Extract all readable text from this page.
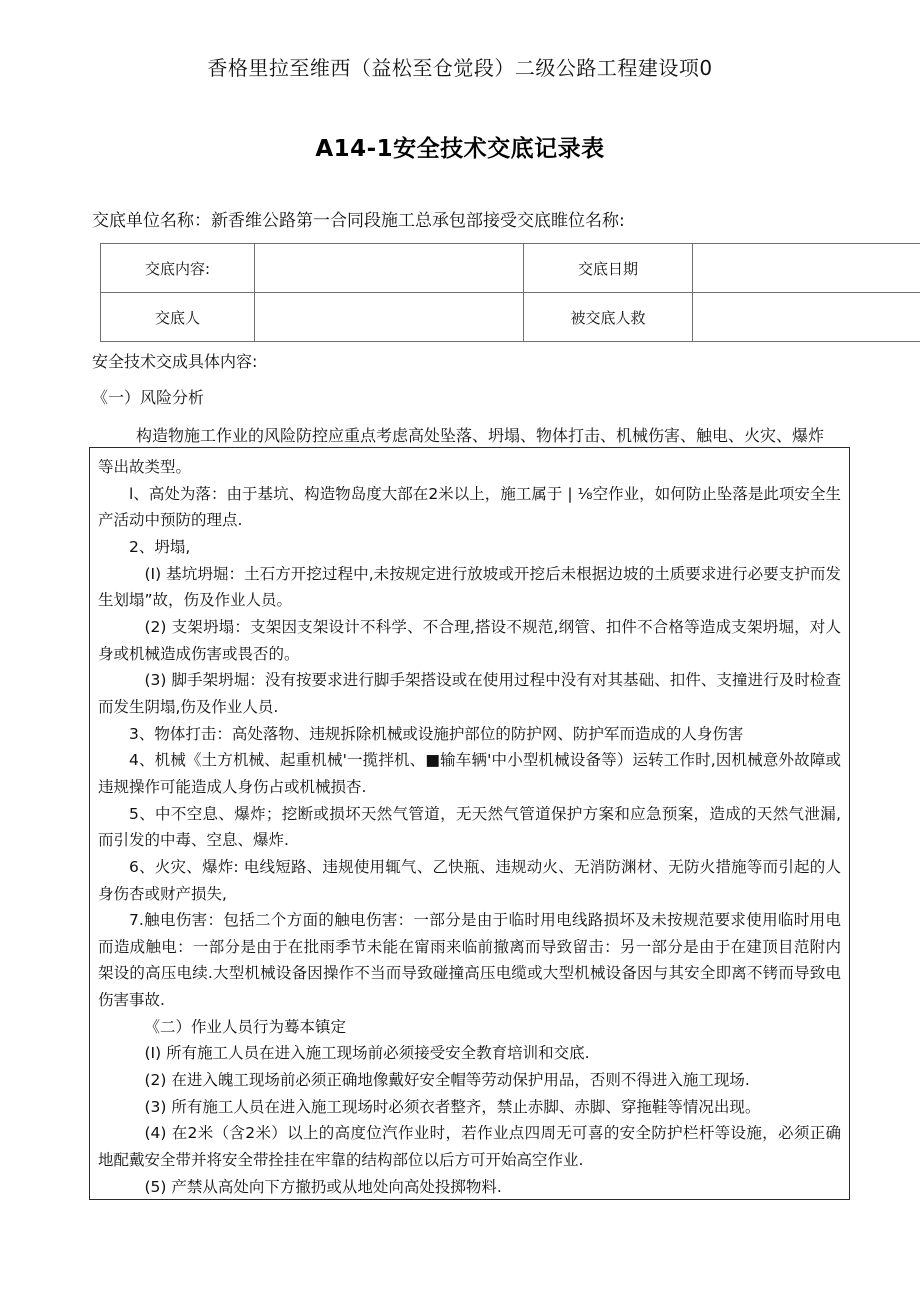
香格里拉至维西（益松至仓觉段）二级公路工程建设项0
A14-1安全技术交底记录表
交底单位名称：新香维公路第一合同段施工总承包部接受交底睢位名称:
交底内容:		交底日期	
交底人		被交底人救	
安全技术交成具体内容:
《一）风险分析
构造物施工作业的风险防控应重点考虑高处坠落、坍塌、物体打击、机械伤害、触电、火灾、爆炸

等出故类型。

l、高处为落：由于基坑、构造物岛度大部在2米以上，施工属于 | ⅛空作业，如何防止坠落是此项安全生产活动中预防的理点.

2、坍塌,

(I) 基坑坍堀：土石方开挖过程中,未按规定进行放坡或开挖后未根据边坡的土质要求进行必要支护而发生划塌”故，伤及作业人员。

(2) 支架坍塌：支架因支架设计不科学、不合理,搭设不规范,纲管、扣件不合格等造成支架坍堀，对人身或机械造成伤害或畏否的。

(3) 脚手架坍堀：没有按要求进行脚手架搭设或在使用过程中没有对其基础、扣件、支撞进行及时检查而发生阴塌,伤及作业人员.

3、物体打击：高处落物、违规拆除机械或设施护部位的防护网、防护军而造成的人身伤害

4、机械《土方机械、起重机械'一揽拌机、■输车辆'中小型机械设备等）运转工作时,因机械意外故障或违规操作可能造成人身伤占或机械损杏.

5、中不空息、爆炸；挖断或损坏天然气管道，无天然气管道保护方案和应急预案，造成的天然气泄漏,而引发的中毒、空息、爆炸.

6、火灾、爆炸: 电线短路、违规使用辄气、乙快瓶、违规动火、无消防渊材、无防火措施等而引起的人身伤杏或财产损失,

7.触电伤害：包括二个方面的触电伤害：一部分是由于临时用电线路损坏及未按规范要求使用临时用电而造成触电：一部分是由于在批雨季节未能在甯雨来临前撤离而导致留击：另一部分是由于在建顶目范附内架设的高压电续.大型机械设备因操作不当而导致碰撞高压电缆或大型机械设备因与其安全即离不铐而导致电伤害事故.

《二）作业人员行为蓦本镇定

(I) 所有施工人员在进入施工现场前必须接受安全教育培训和交底.

(2) 在进入魄工现场前必须正确地像戴好安全帽等劳动保护用品，否则不得进入施工现场.

(3) 所有施工人员在进入施工现场时必须衣者整齐，禁止赤脚、赤脚、穿拖鞋等情况出现。

(4) 在2米（含2米）以上的高度位汽作业时，若作业点四周无可喜的安全防护栏杆等设施，必须正确地配戴安全带并将安全带拴挂在牢靠的结构部位以后方可开始高空作业.

(5) 产禁从高处向下方撤扔或从地处向高处投掷物料.
